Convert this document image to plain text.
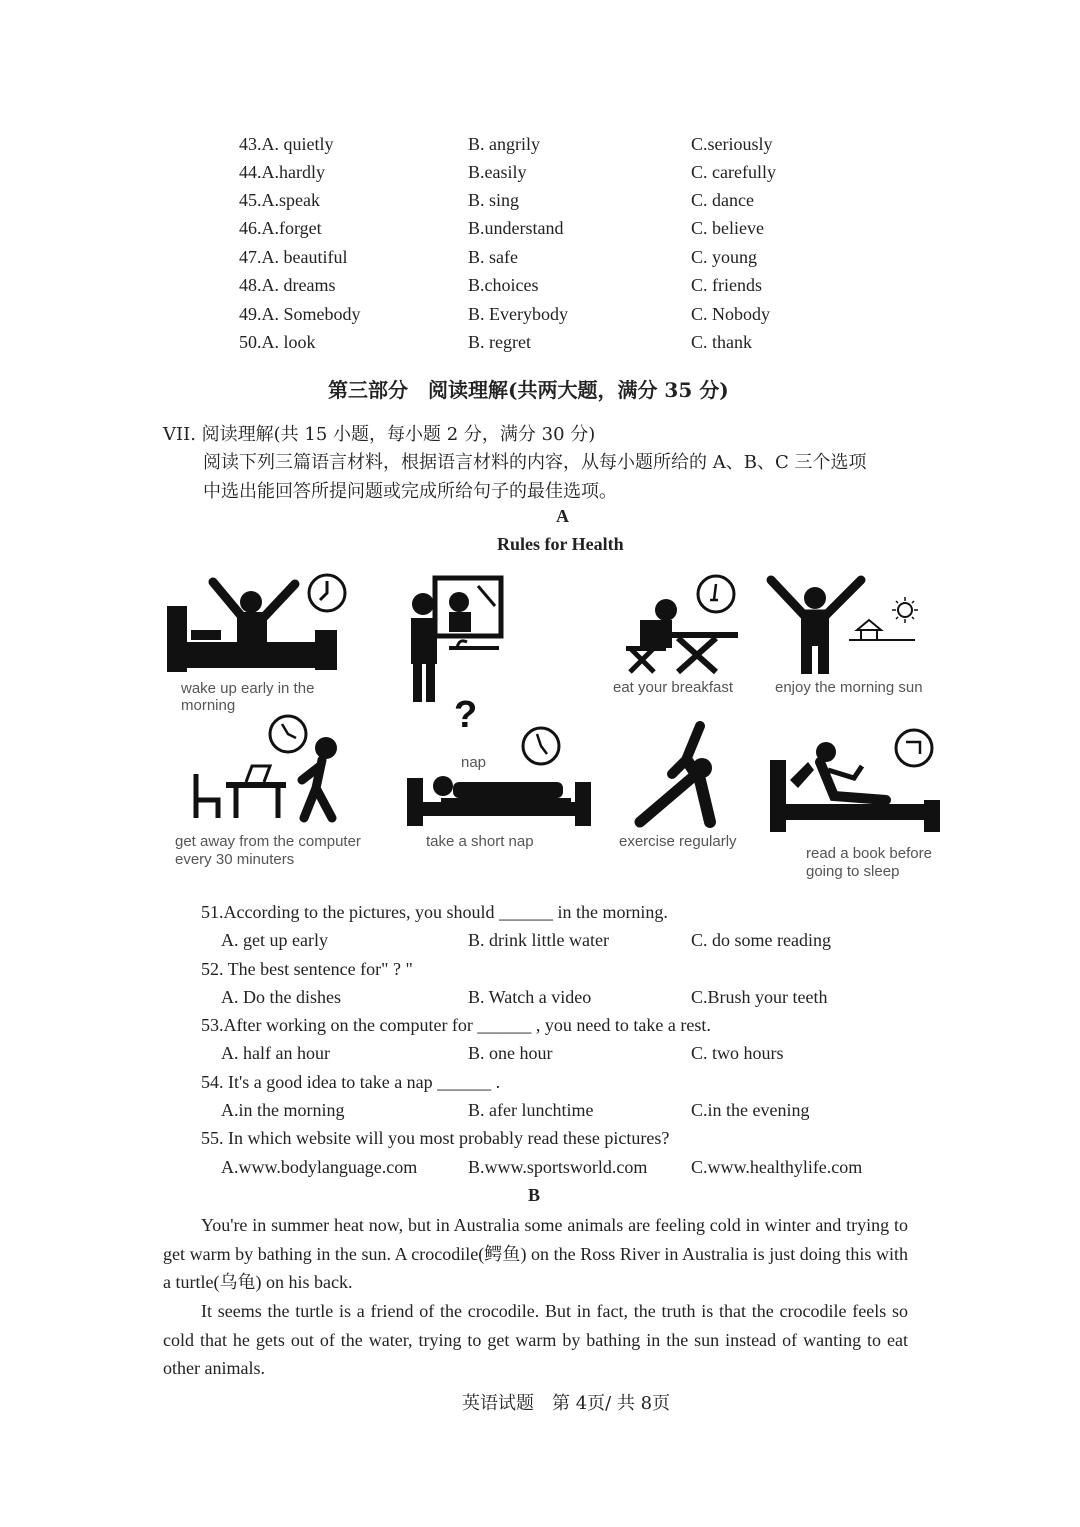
43.A. quietly	B. angrily	C.seriously
44.A.hardly	B.easily	C. carefully
45.A.speak	B. sing	C. dance
46.A.forget	B.understand	C. believe
47.A. beautiful	B. safe	C. young
48.A. dreams	B.choices	C. friends
49.A. Somebody	B. Everybody	C. Nobody
50.A. look	B. regret	C. thank
第三部分　阅读理解(共两大题，满分 35 分)
VII. 阅读理解(共 15 小题，每小题 2 分，满分 30 分)
阅读下列三篇语言材料，根据语言材料的内容，从每小题所给的 A、B、C 三个选项
中选出能回答所提问题或完成所给句子的最佳选项。
A
Rules for Health
wake up early in the
morning	?
eat your breakfast	enjoy the morning sun
get away from the computer
every 30 minuters
nap
take a short nap	exercise regularly
read a book before
going to sleep
51.According to the pictures, you should ______ in the morning.
A. get up early	B. drink little water	C. do some reading
52. The best sentence for" ? "
A. Do the dishes	B. Watch a video	C.Brush your teeth
53.After working on the computer for ______ , you need to take a rest.
A. half an hour	B. one hour	C. two hours
54. It's a good idea to take a nap ______ .
A.in the morning	B. afer lunchtime	C.in the evening
55. In which website will you most probably read these pictures?
A.www.bodylanguage.com	B.www.sportsworld.com C.www.healthylife.com
B
You're in summer heat now, but in Australia some animals are feeling cold in winter and trying to get warm by bathing in the sun. A crocodile(鳄鱼) on the Ross River in Australia is just doing this with a turtle(乌龟) on his back.
It seems the turtle is a friend of the crocodile. But in fact, the truth is that the crocodile feels so cold that he gets out of the water, trying to get warm by bathing in the sun instead of wanting to eat other animals.
英语试题　第 4页/ 共 8页
